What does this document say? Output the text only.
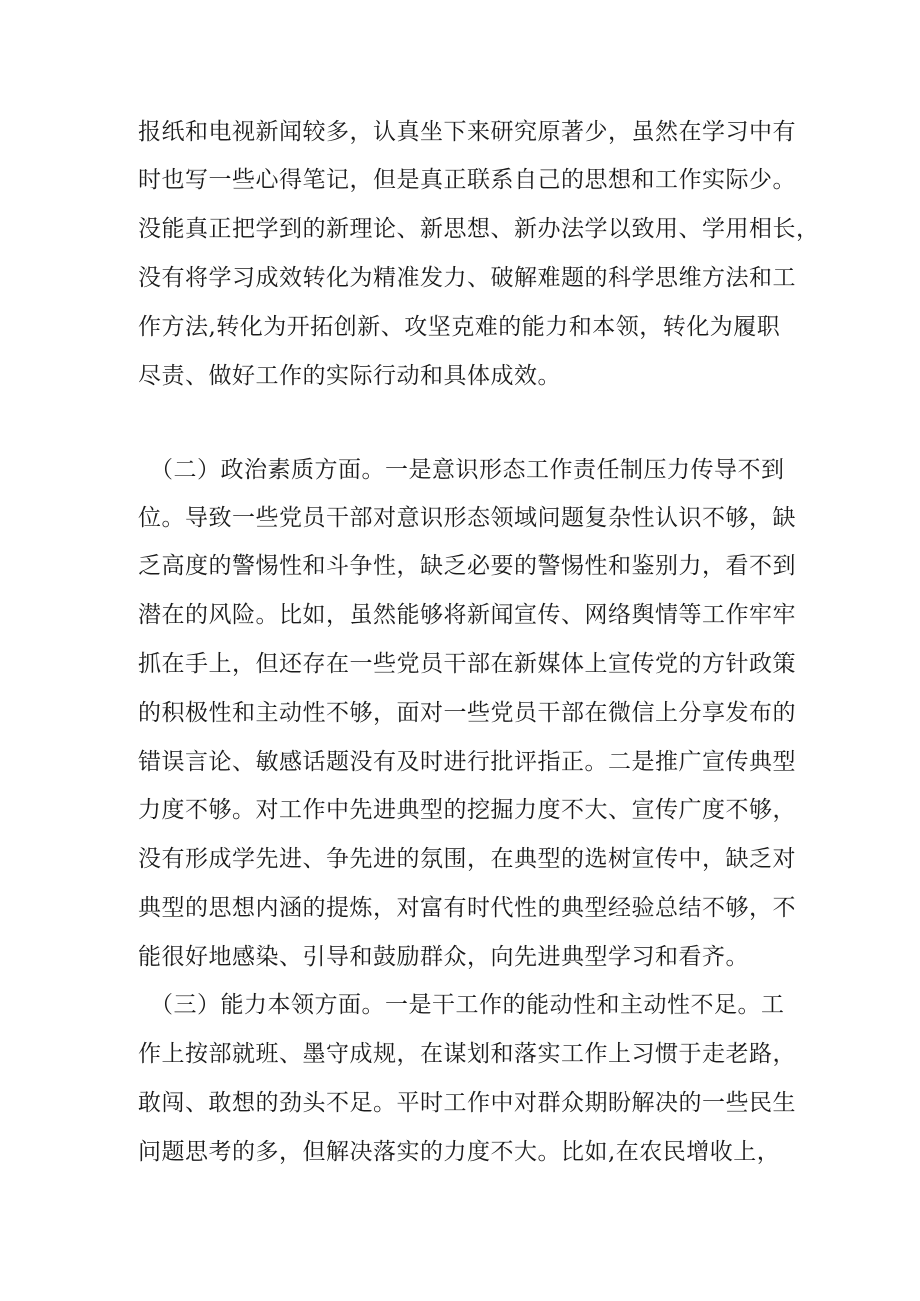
报纸和电视新闻较多，认真坐下来研究原著少，虽然在学习中有
时也写一些心得笔记，但是真正联系自己的思想和工作实际少。
没能真正把学到的新理论、新思想、新办法学以致用、学用相长，
没有将学习成效转化为精准发力、破解难题的科学思维方法和工
作方法,转化为开拓创新、攻坚克难的能力和本领，转化为履职
尽责、做好工作的实际行动和具体成效。
（二）政治素质方面。一是意识形态工作责任制压力传导不到
位。导致一些党员干部对意识形态领域问题复杂性认识不够，缺
乏高度的警惕性和斗争性，缺乏必要的警惕性和鉴别力，看不到
潜在的风险。比如，虽然能够将新闻宣传、网络舆情等工作牢牢
抓在手上，但还存在一些党员干部在新媒体上宣传党的方针政策
的积极性和主动性不够，面对一些党员干部在微信上分享发布的
错误言论、敏感话题没有及时进行批评指正。二是推广宣传典型
力度不够。对工作中先进典型的挖掘力度不大、宣传广度不够，
没有形成学先进、争先进的氛围，在典型的选树宣传中，缺乏对
典型的思想内涵的提炼，对富有时代性的典型经验总结不够，不
能很好地感染、引导和鼓励群众，向先进典型学习和看齐。
（三）能力本领方面。一是干工作的能动性和主动性不足。工
作上按部就班、墨守成规，在谋划和落实工作上习惯于走老路，
敢闯、敢想的劲头不足。平时工作中对群众期盼解决的一些民生
问题思考的多，但解决落实的力度不大。比如,在农民增收上，
